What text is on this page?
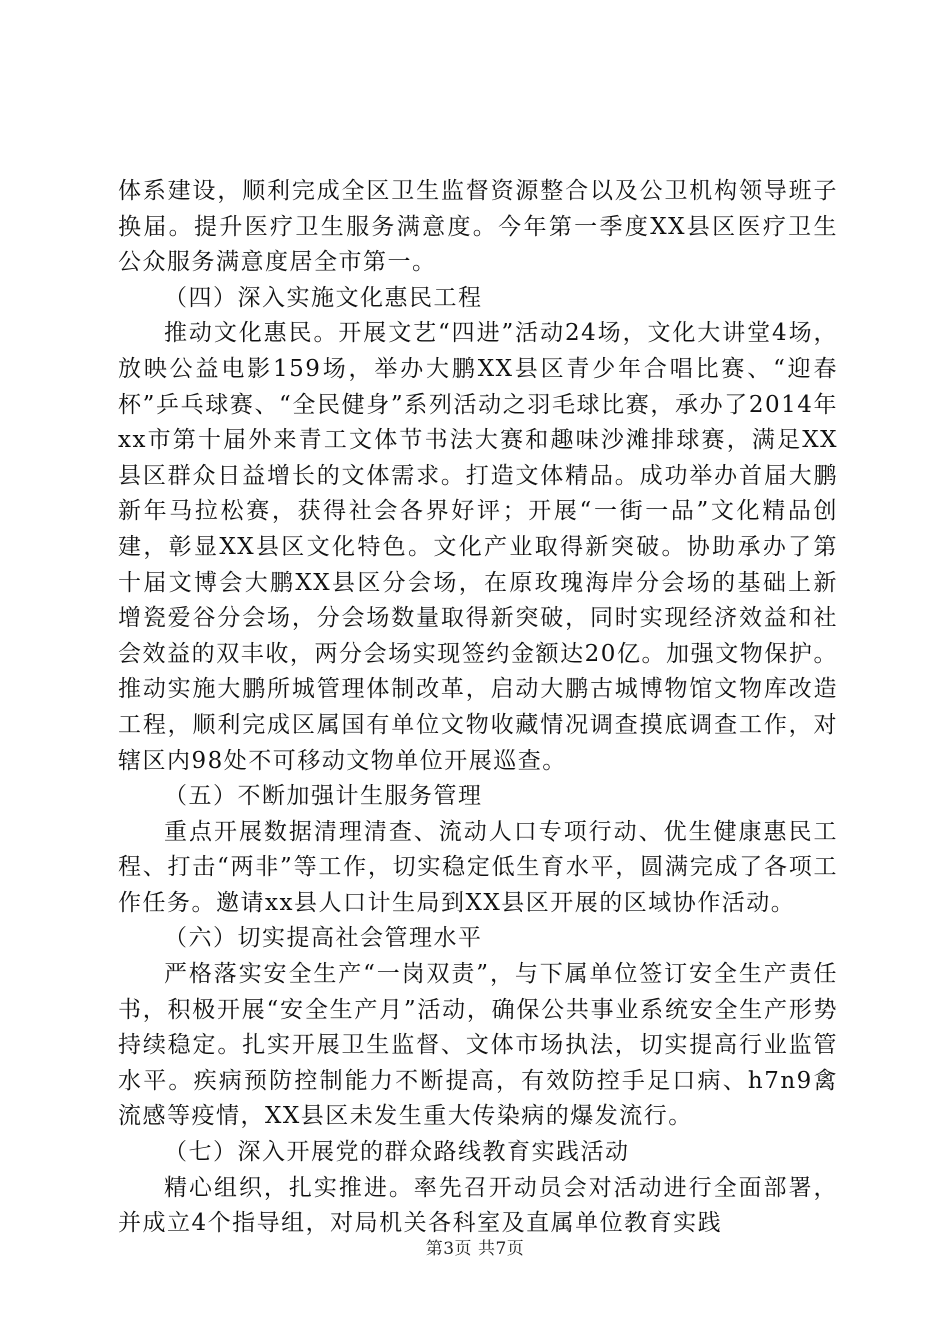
体系建设，顺利完成全区卫生监督资源整合以及公卫机构领导班子换届。提升医疗卫生服务满意度。今年第一季度XX县区医疗卫生公众服务满意度居全市第一。

（四）深入实施文化惠民工程

推动文化惠民。开展文艺“四进”活动24场，文化大讲堂4场，放映公益电影159场，举办大鹏XX县区青少年合唱比赛、“迎春杯”乒乓球赛、“全民健身”系列活动之羽毛球比赛，承办了2014年xx市第十届外来青工文体节书法大赛和趣味沙滩排球赛，满足XX县区群众日益增长的文体需求。打造文体精品。成功举办首届大鹏新年马拉松赛，获得社会各界好评；开展“一街一品”文化精品创建，彰显XX县区文化特色。文化产业取得新突破。协助承办了第十届文博会大鹏XX县区分会场，在原玫瑰海岸分会场的基础上新增瓷爱谷分会场，分会场数量取得新突破，同时实现经济效益和社会效益的双丰收，两分会场实现签约金额达20亿。加强文物保护。推动实施大鹏所城管理体制改革，启动大鹏古城博物馆文物库改造工程，顺利完成区属国有单位文物收藏情况调查摸底调查工作，对辖区内98处不可移动文物单位开展巡查。

（五）不断加强计生服务管理

重点开展数据清理清查、流动人口专项行动、优生健康惠民工程、打击“两非”等工作，切实稳定低生育水平，圆满完成了各项工作任务。邀请xx县人口计生局到XX县区开展的区域协作活动。

（六）切实提高社会管理水平

严格落实安全生产“一岗双责”，与下属单位签订安全生产责任书，积极开展“安全生产月”活动，确保公共事业系统安全生产形势持续稳定。扎实开展卫生监督、文体市场执法，切实提高行业监管水平。疾病预防控制能力不断提高，有效防控手足口病、h7n9禽流感等疫情，XX县区未发生重大传染病的爆发流行。

（七）深入开展党的群众路线教育实践活动

精心组织，扎实推进。率先召开动员会对活动进行全面部署，并成立4个指导组，对局机关各科室及直属单位教育实践

第3页 共7页
